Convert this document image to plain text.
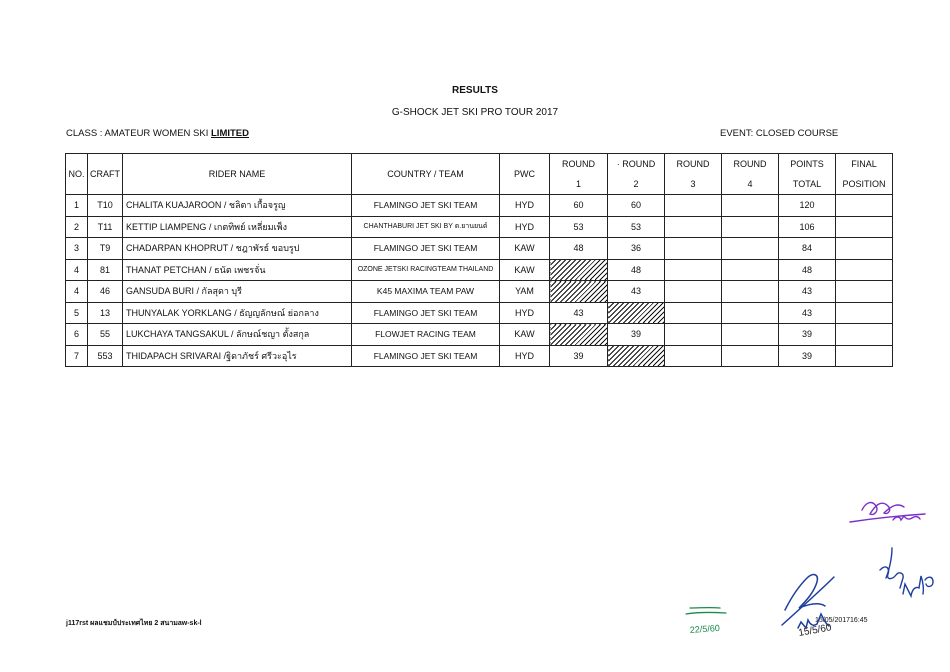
RESULTS
G-SHOCK JET SKI PRO TOUR 2017
CLASS : AMATEUR WOMEN SKI LIMITED	EVENT: CLOSED COURSE
NO.	CRAFT	RIDER NAME	COUNTRY / TEAM	PWC	ROUND	· ROUND	ROUND	ROUND	POINTS	FINAL
					1	2	3	4	TOTAL	POSITION
1	T10	CHALITA KUAJAROON / ชลิตา เกื้อจรูญ	FLAMINGO JET SKI TEAM	HYD	60	60			120	
2	T11	KETTIP LIAMPENG / เกตทิพย์ เหลี่ยมเพ็ง	CHANTHABURI JET SKI BY ต.ยานยนต์	HYD	53	53			106	
3	T9	CHADARPAN KHOPRUT / ชฎาพัรธ์ ขอบรูป	FLAMINGO JET SKI TEAM	KAW	48	36			84	
4	81	THANAT PETCHAN / ธนัต เพชรจั่น	OZONE JETSKI RACINGTEAM THAILAND	KAW		48			48	
4	46	GANSUDA BURI / กัลสุดา บุรี	K45 MAXIMA TEAM PAW	YAM		43			43	
5	13	THUNYALAK YORKLANG / ธัญญลักษณ์ ย่อกลาง	FLAMINGO JET SKI TEAM	HYD	43				43	
6	55	LUKCHAYA TANGSAKUL / ลักษณ์ชญา ตั้งสกุล	FLOWJET RACING TEAM	KAW		39			39	
7	553	THIDAPACH SRIVARAI /ฐิดาภัชร์ ศรีวะอุไร	FLAMINGO JET SKI TEAM	HYD	39				39	
j117rst ผลแชมป์ประเทศไทย 2 สนามaw-sk-l	15/05/201716:45
22/5/60	15/5/60
